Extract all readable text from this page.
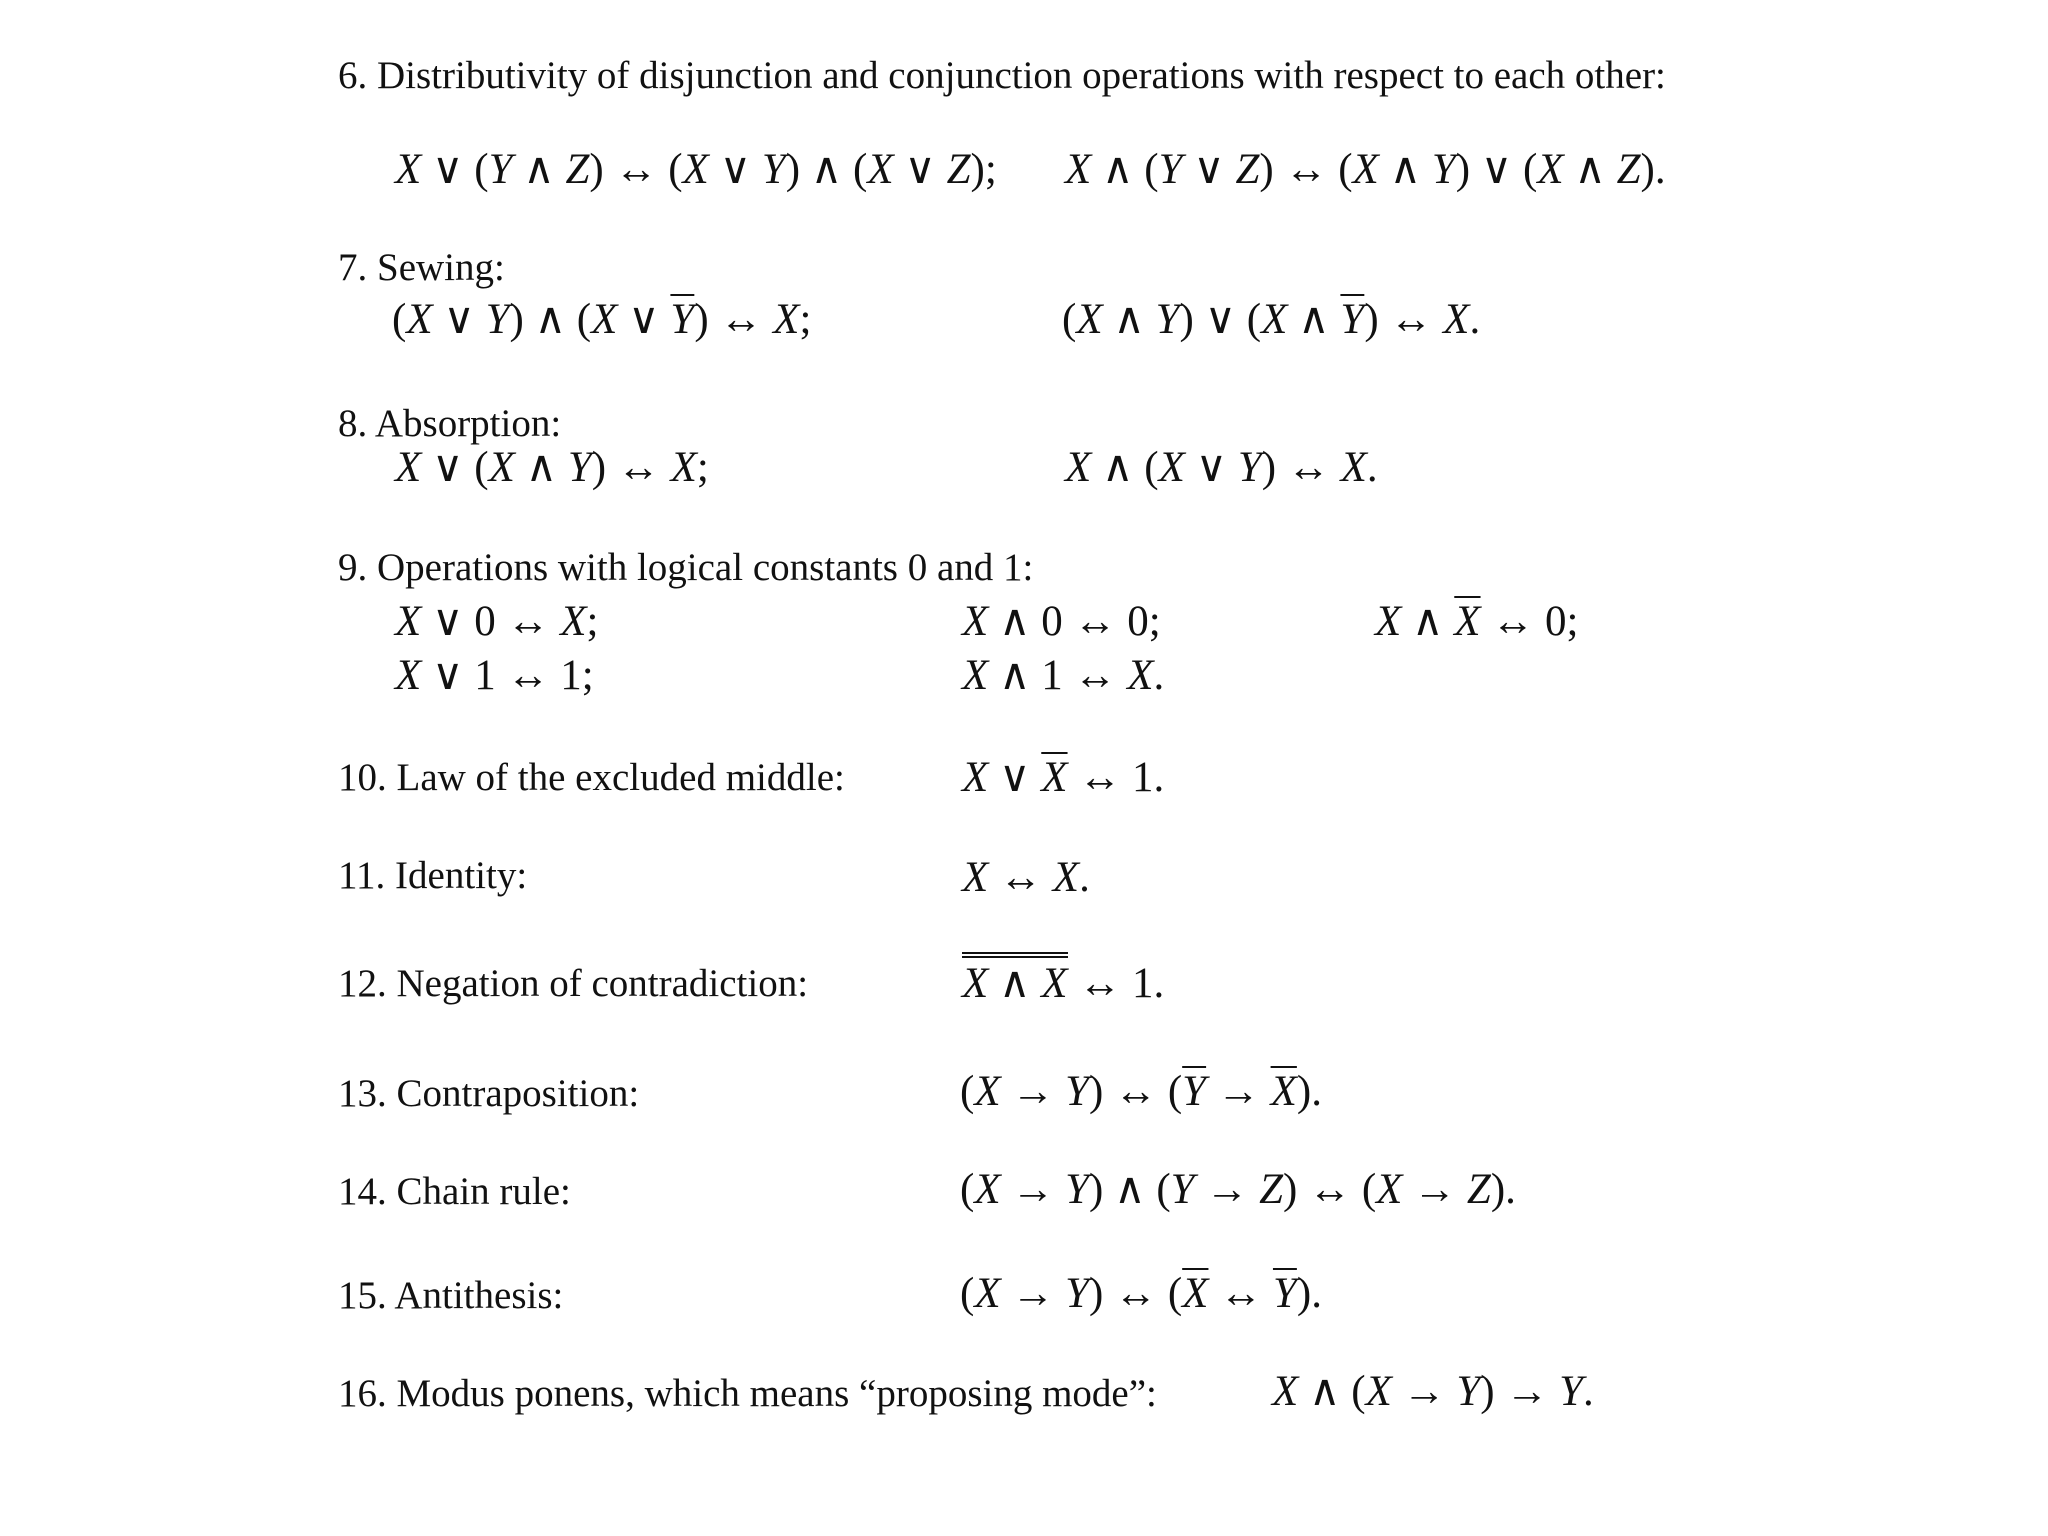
6. Distributivity of disjunction and conjunction operations with respect to each other:
X ∨ (Y ∧ Z) ↔ (X ∨ Y) ∧ (X ∨ Z); X ∧ (Y ∨ Z) ↔ (X ∧ Y) ∨ (X ∧ Z).
7. Sewing:
(X ∨ Y) ∧ (X ∨ $\overline{Y}$) ↔ X;	(X ∧ Y) ∨ (X ∧ $\overline{Y}$) ↔ X.
8. Absorption:
X ∨ (X ∧ Y) ↔ X;	X ∧ (X ∨ Y) ↔ X.
9. Operations with logical constants 0 and 1:
X ∨ 0 ↔ X;	X ∧ 0 ↔ 0;	X ∧ $\overline{X}$ ↔ 0;
X ∨ 1 ↔ 1;	X ∧ 1 ↔ X.
10. Law of the excluded middle:	X ∨ $\overline{X}$ ↔ 1.
11. Identity:	X ↔ X.
12. Negation of contradiction:	X ∧ X ↔ 1.
13. Contraposition:	(X → Y) ↔ $(\overline{Y} \to \overline{X})$.
14. Chain rule:	(X → Y) ∧ (Y → Z) ↔ (X → Z).
15. Antithesis:	(X → Y) ↔ ($\overline{X}$ ↔ $\overline{Y}$).
16. Modus ponens, which means “proposing mode”:	X ∧ (X → Y) → Y.
